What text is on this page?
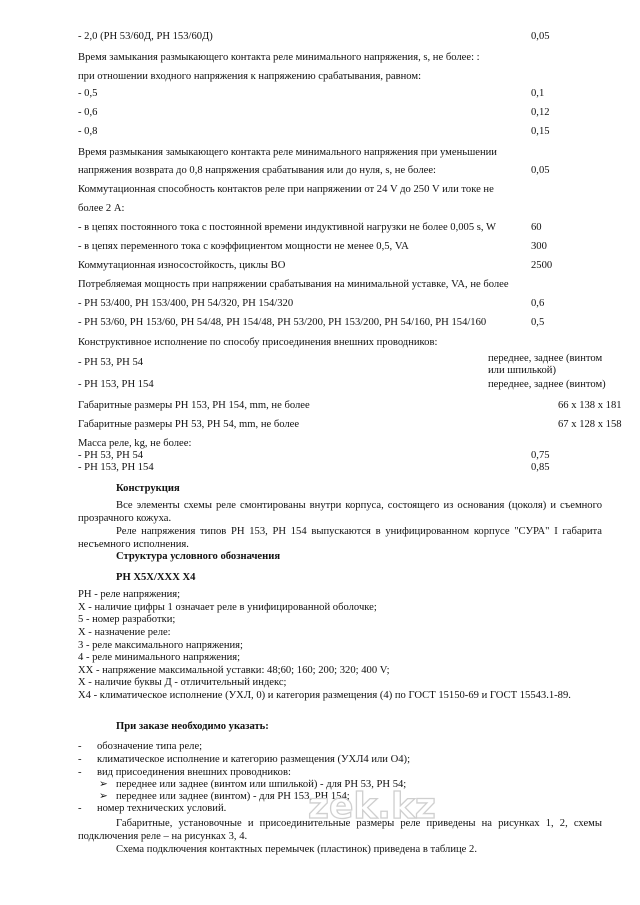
- 2,0 (РН 53/60Д, РН 153/60Д)	0,05
Время замыкания размыкающего контакта реле минимального напряжения, s, не более: :
при отношении входного напряжения к напряжению срабатывания, равном:
- 0,5	0,1
- 0,6	0,12
- 0,8	0,15
Время размыкания замыкающего контакта реле минимального напряжения при уменьшении
напряжения возврата до 0,8 напряжения срабатывания или до нуля, s, не более:	0,05
Коммутационная способность контактов реле при напряжении от 24 V до 250 V или токе не
более 2 А:
- в цепях постоянного тока с постоянной времени индуктивной нагрузки не более 0,005 s, W	60
- в цепях переменного тока с коэффициентом мощности не менее 0,5, VA	300
Коммутационная износостойкость, циклы ВО	2500
Потребляемая мощность при напряжении срабатывания на минимальной уставке, VA, не более
- РН 53/400, РН 153/400, РН 54/320, РН 154/320	0,6
- РН 53/60, РН 153/60, РН 54/48, РН 154/48, РН 53/200, РН 153/200, РН 54/160, РН 154/160	0,5
Конструктивное исполнение по способу присоединения внешних проводников:
- РН 53, РН 54	переднее, заднее (винтом
или шпилькой)
- РН 153, РН 154	переднее, заднее (винтом)
Габаритные размеры РН 153, РН 154, mm, не более	66 х 138 х 181
Габаритные размеры РН 53, РН 54, mm, не более	67 х 128 х 158
Масса реле, kg, не более:
- РН 53, РН 54	0,75
- РН 153, РН 154	0,85
Конструкция
Все элементы схемы реле смонтированы внутри корпуса, состоящего из основания (цоколя) и съемного прозрачного кожуха.
Реле напряжения типов РН 153, РН 154 выпускаются в унифицированном корпусе "СУРА" I габарита несъемного исполнения.
Структура условного обозначения
РН Х5Х/ХХХ Х4
РН - реле напряжения;
Х - наличие цифры 1 означает реле в унифицированной оболочке;
5 - номер разработки;
Х - назначение реле:
3 - реле максимального напряжения;
4 - реле минимального напряжения;
ХХ - напряжение максимальной уставки: 48;60; 160; 200; 320; 400 V;
Х - наличие буквы Д - отличительный индекс;
Х4 - климатическое исполнение (УХЛ, 0) и категория размещения (4) по ГОСТ 15150-69 и ГОСТ 15543.1-89.
При заказе необходимо указать:
- обозначение типа реле;
- климатическое исполнение и категорию размещения (УХЛ4 или О4);
- вид присоединения внешних проводников:
➢ переднее или заднее (винтом или шпилькой) - для РН 53, РН 54;
➢ переднее или заднее (винтом) - для РН 153, РН 154;
- номер технических условий.
Габаритные, установочные и присоединительные размеры реле приведены на рисунках 1, 2, схемы подключения реле – на рисунках 3, 4.
Схема подключения контактных перемычек (пластинок) приведена в таблице 2.
zek.kz
